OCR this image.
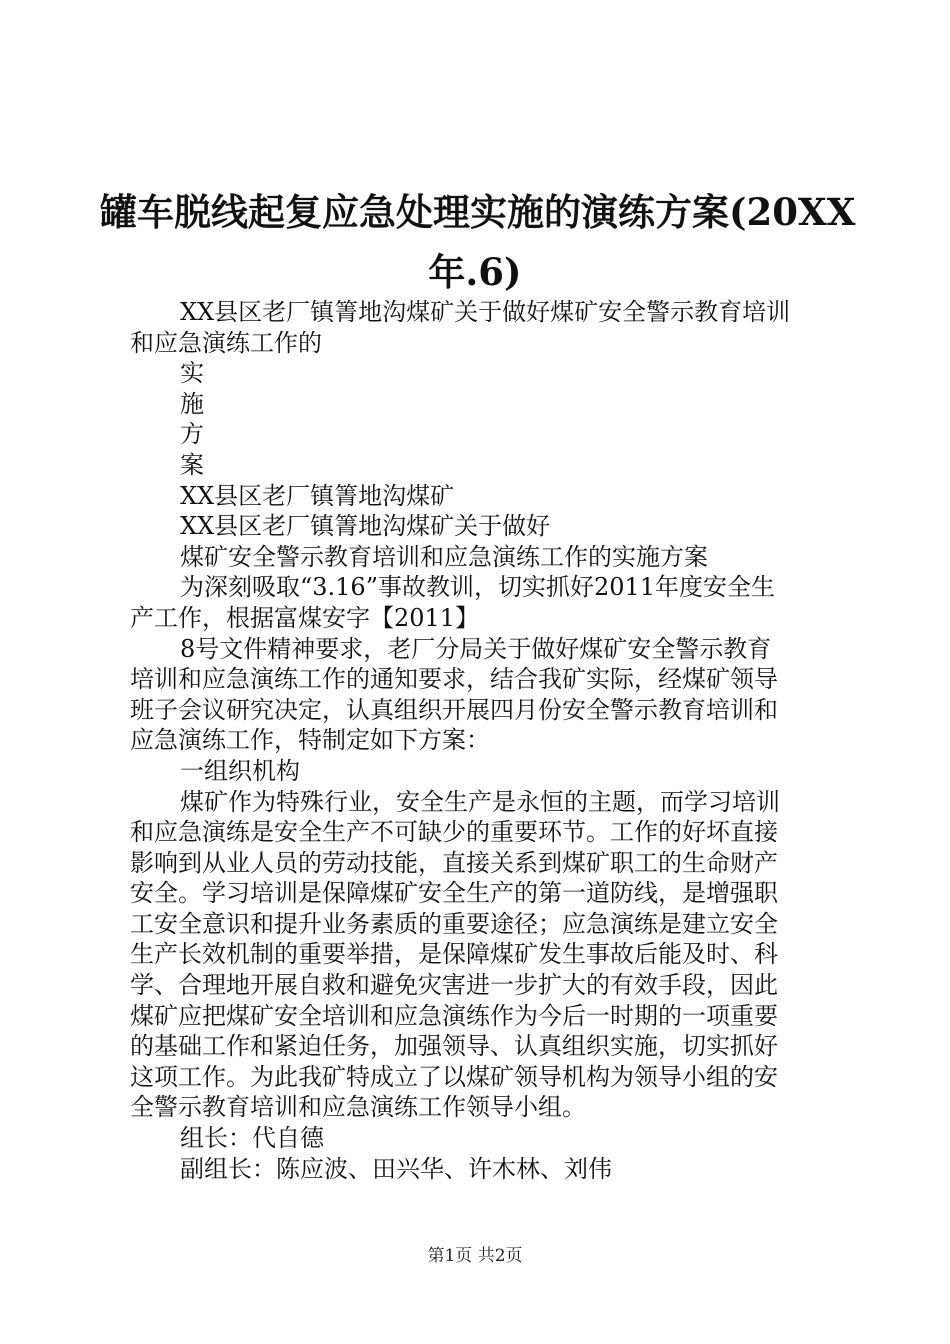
罐车脱线起复应急处理实施的演练方案(20XX
年.6)
XX县区老厂镇箐地沟煤矿关于做好煤矿安全警示教育培训
和应急演练工作的
实
施
方
案
XX县区老厂镇箐地沟煤矿
XX县区老厂镇箐地沟煤矿关于做好
煤矿安全警示教育培训和应急演练工作的实施方案
为深刻吸取“3.16”事故教训，切实抓好2011年度安全生
产工作，根据富煤安字【2011】
8号文件精神要求，老厂分局关于做好煤矿安全警示教育
培训和应急演练工作的通知要求，结合我矿实际，经煤矿领导
班子会议研究决定，认真组织开展四月份安全警示教育培训和
应急演练工作，特制定如下方案：
一组织机构
煤矿作为特殊行业，安全生产是永恒的主题，而学习培训
和应急演练是安全生产不可缺少的重要环节。工作的好坏直接
影响到从业人员的劳动技能，直接关系到煤矿职工的生命财产
安全。学习培训是保障煤矿安全生产的第一道防线，是增强职
工安全意识和提升业务素质的重要途径；应急演练是建立安全
生产长效机制的重要举措，是保障煤矿发生事故后能及时、科
学、合理地开展自救和避免灾害进一步扩大的有效手段，因此
煤矿应把煤矿安全培训和应急演练作为今后一时期的一项重要
的基础工作和紧迫任务，加强领导、认真组织实施，切实抓好
这项工作。为此我矿特成立了以煤矿领导机构为领导小组的安
全警示教育培训和应急演练工作领导小组。
组长：代自德
副组长：陈应波、田兴华、许木林、刘伟
第1页 共2页
